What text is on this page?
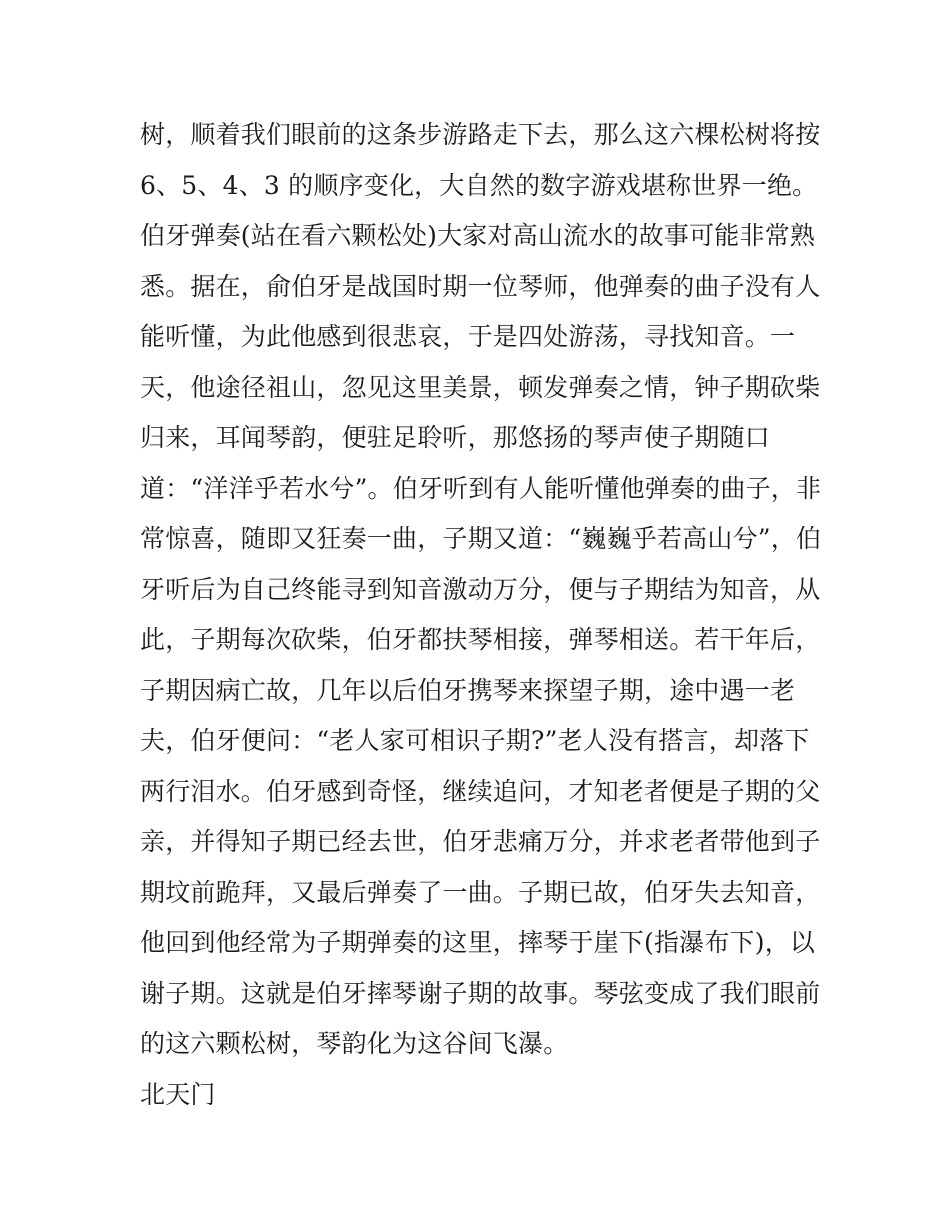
树，顺着我们眼前的这条步游路走下去，那么这六棵松树将按
6、5、4、3 的顺序变化，大自然的数字游戏堪称世界一绝。
伯牙弹奏(站在看六颗松处)大家对高山流水的故事可能非常熟
悉。据在，俞伯牙是战国时期一位琴师，他弹奏的曲子没有人
能听懂，为此他感到很悲哀，于是四处游荡，寻找知音。一
天，他途径祖山，忽见这里美景，顿发弹奏之情，钟子期砍柴
归来，耳闻琴韵，便驻足聆听，那悠扬的琴声使子期随口
道：“洋洋乎若水兮”。伯牙听到有人能听懂他弹奏的曲子，非
常惊喜，随即又狂奏一曲，子期又道：“巍巍乎若高山兮”，伯
牙听后为自己终能寻到知音激动万分，便与子期结为知音，从
此，子期每次砍柴，伯牙都扶琴相接，弹琴相送。若干年后，
子期因病亡故，几年以后伯牙携琴来探望子期，途中遇一老
夫，伯牙便问：“老人家可相识子期?”老人没有搭言，却落下
两行泪水。伯牙感到奇怪，继续追问，才知老者便是子期的父
亲，并得知子期已经去世，伯牙悲痛万分，并求老者带他到子
期坟前跪拜，又最后弹奏了一曲。子期已故，伯牙失去知音，
他回到他经常为子期弹奏的这里，摔琴于崖下(指瀑布下)，以
谢子期。这就是伯牙摔琴谢子期的故事。琴弦变成了我们眼前
的这六颗松树，琴韵化为这谷间飞瀑。
北天门
